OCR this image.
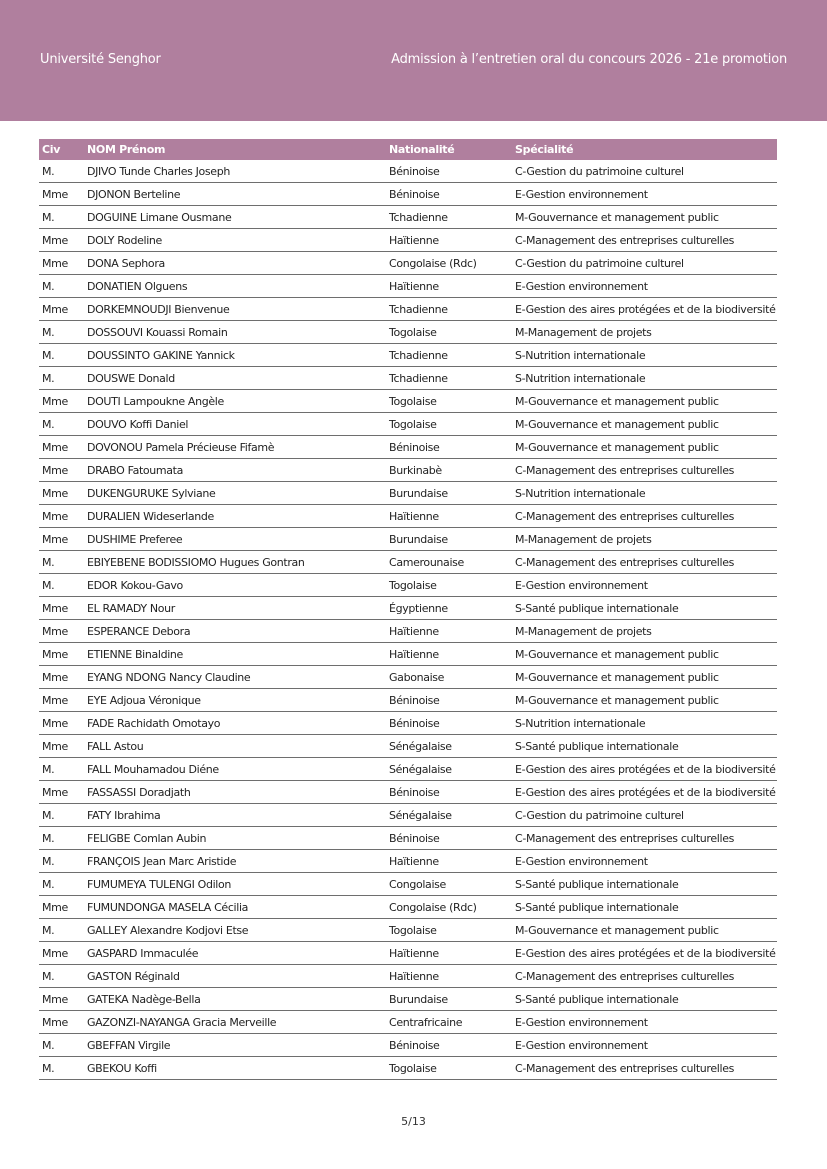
Université Senghor	Admission à l’entretien oral du concours 2026 - 21e promotion
Civ	NOM Prénom	Nationalité	Spécialité
M.	DJIVO Tunde Charles Joseph	Béninoise	C-Gestion du patrimoine culturel
Mme	DJONON Berteline	Béninoise	E-Gestion environnement
M.	DOGUINE Limane Ousmane	Tchadienne	M-Gouvernance et management public
Mme	DOLY Rodeline	Haïtienne	C-Management des entreprises culturelles
Mme	DONA Sephora	Congolaise (Rdc)	C-Gestion du patrimoine culturel
M.	DONATIEN Olguens	Haïtienne	E-Gestion environnement
Mme	DORKEMNOUDJI Bienvenue	Tchadienne	E-Gestion des aires protégées et de la biodiversité
M.	DOSSOUVI Kouassi Romain	Togolaise	M-Management de projets
M.	DOUSSINTO GAKINE Yannick	Tchadienne	S-Nutrition internationale
M.	DOUSWE Donald	Tchadienne	S-Nutrition internationale
Mme	DOUTI Lampouknе Angèle	Togolaise	M-Gouvernance et management public
M.	DOUVO Koffi Daniel	Togolaise	M-Gouvernance et management public
Mme	DOVONOU Pamela Précieuse Fifamè	Béninoise	M-Gouvernance et management public
Mme	DRABO Fatoumata	Burkinabè	C-Management des entreprises culturelles
Mme	DUKENGURUKE Sylviane	Burundaise	S-Nutrition internationale
Mme	DURALIEN Wideserlande	Haïtienne	C-Management des entreprises culturelles
Mme	DUSHIME Preferee	Burundaise	M-Management de projets
M.	EBIYEBENE BODISSIOMO Hugues Gontran	Camerounaise	C-Management des entreprises culturelles
M.	EDOR Kokou-Gavo	Togolaise	E-Gestion environnement
Mme	EL RAMADY Nour	Égyptienne	S-Santé publique internationale
Mme	ESPERANCE Debora	Haïtienne	M-Management de projets
Mme	ETIENNE Binaldine	Haïtienne	M-Gouvernance et management public
Mme	EYANG NDONG Nancy Claudine	Gabonaise	M-Gouvernance et management public
Mme	EYE Adjoua Véronique	Béninoise	M-Gouvernance et management public
Mme	FADE Rachidath Omotayo	Béninoise	S-Nutrition internationale
Mme	FALL Astou	Sénégalaise	S-Santé publique internationale
M.	FALL Mouhamadou Diéne	Sénégalaise	E-Gestion des aires protégées et de la biodiversité
Mme	FASSASSI Doradjath	Béninoise	E-Gestion des aires protégées et de la biodiversité
M.	FATY Ibrahima	Sénégalaise	C-Gestion du patrimoine culturel
M.	FELIGBE Comlan Aubin	Béninoise	C-Management des entreprises culturelles
M.	FRANÇOIS Jean Marc Aristide	Haïtienne	E-Gestion environnement
M.	FUMUMEYA TULENGI Odilon	Congolaise	S-Santé publique internationale
Mme	FUMUNDONGA MASELA Cécilia	Congolaise (Rdc)	S-Santé publique internationale
M.	GALLEY Alexandre Kodjovi Etse	Togolaise	M-Gouvernance et management public
Mme	GASPARD Immaculée	Haïtienne	E-Gestion des aires protégées et de la biodiversité
M.	GASTON Réginald	Haïtienne	C-Management des entreprises culturelles
Mme	GATEKA Nadège-Bella	Burundaise	S-Santé publique internationale
Mme	GAZONZI-NAYANGA Gracia Merveille	Centrafricaine	E-Gestion environnement
M.	GBEFFAN Virgile	Béninoise	E-Gestion environnement
M.	GBEKOU Koffi	Togolaise	C-Management des entreprises culturelles
5/13
